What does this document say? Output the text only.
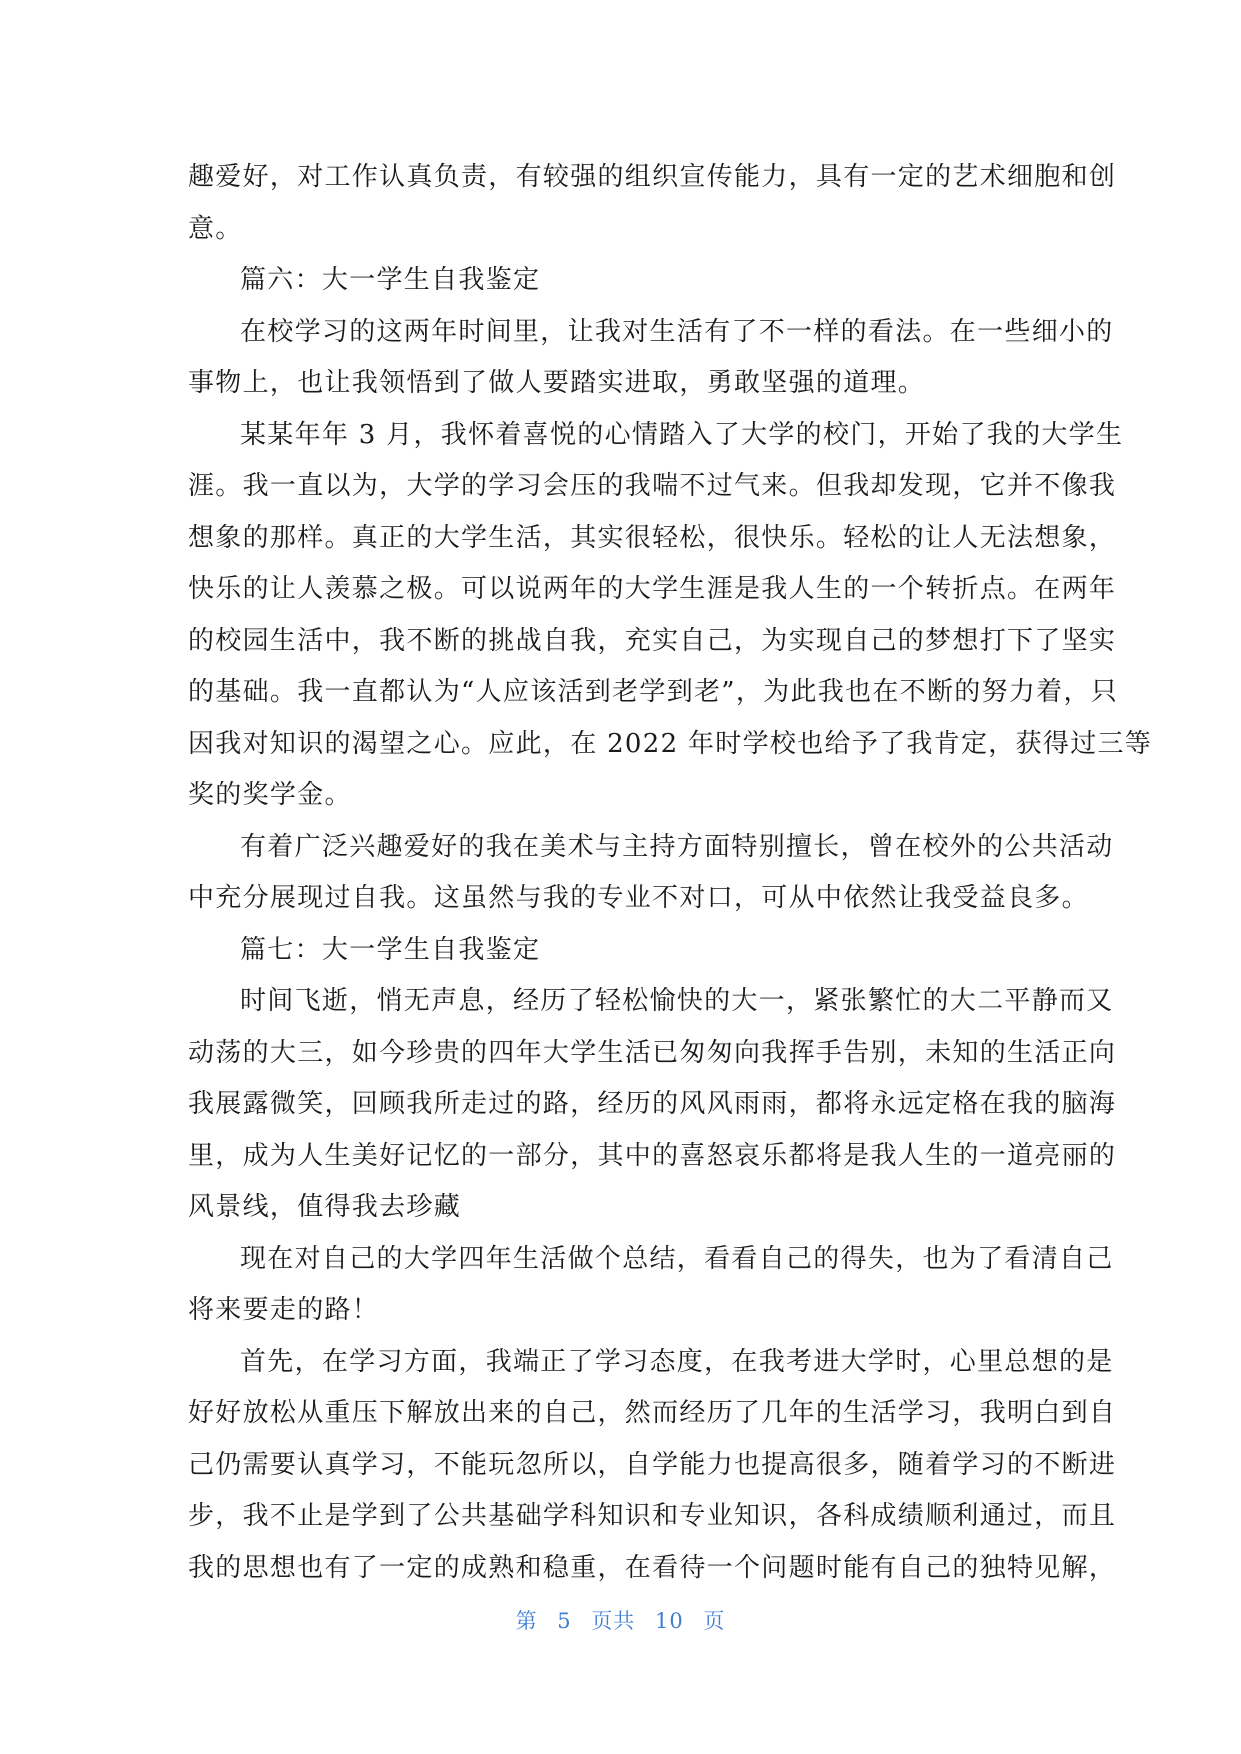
趣爱好，对工作认真负责，有较强的组织宣传能力，具有一定的艺术细胞和创
意。
篇六：大一学生自我鉴定
在校学习的这两年时间里，让我对生活有了不一样的看法。在一些细小的
事物上，也让我领悟到了做人要踏实进取，勇敢坚强的道理。
某某年年 3 月，我怀着喜悦的心情踏入了大学的校门，开始了我的大学生
涯。我一直以为，大学的学习会压的我喘不过气来。但我却发现，它并不像我
想象的那样。真正的大学生活，其实很轻松，很快乐。轻松的让人无法想象，
快乐的让人羡慕之极。可以说两年的大学生涯是我人生的一个转折点。在两年
的校园生活中，我不断的挑战自我，充实自己，为实现自己的梦想打下了坚实
的基础。我一直都认为“人应该活到老学到老”，为此我也在不断的努力着，只
因我对知识的渴望之心。应此，在 2022 年时学校也给予了我肯定，获得过三等
奖的奖学金。
有着广泛兴趣爱好的我在美术与主持方面特别擅长，曾在校外的公共活动
中充分展现过自我。这虽然与我的专业不对口，可从中依然让我受益良多。
篇七：大一学生自我鉴定
时间飞逝，悄无声息，经历了轻松愉快的大一，紧张繁忙的大二平静而又
动荡的大三，如今珍贵的四年大学生活已匆匆向我挥手告别，未知的生活正向
我展露微笑，回顾我所走过的路，经历的风风雨雨，都将永远定格在我的脑海
里，成为人生美好记忆的一部分，其中的喜怒哀乐都将是我人生的一道亮丽的
风景线，值得我去珍藏
现在对自己的大学四年生活做个总结，看看自己的得失，也为了看清自己
将来要走的路！
首先，在学习方面，我端正了学习态度，在我考进大学时，心里总想的是
好好放松从重压下解放出来的自己，然而经历了几年的生活学习，我明白到自
己仍需要认真学习，不能玩忽所以，自学能力也提高很多，随着学习的不断进
步，我不止是学到了公共基础学科知识和专业知识，各科成绩顺利通过，而且
我的思想也有了一定的成熟和稳重，在看待一个问题时能有自己的独特见解，
第 5 页共 10 页
